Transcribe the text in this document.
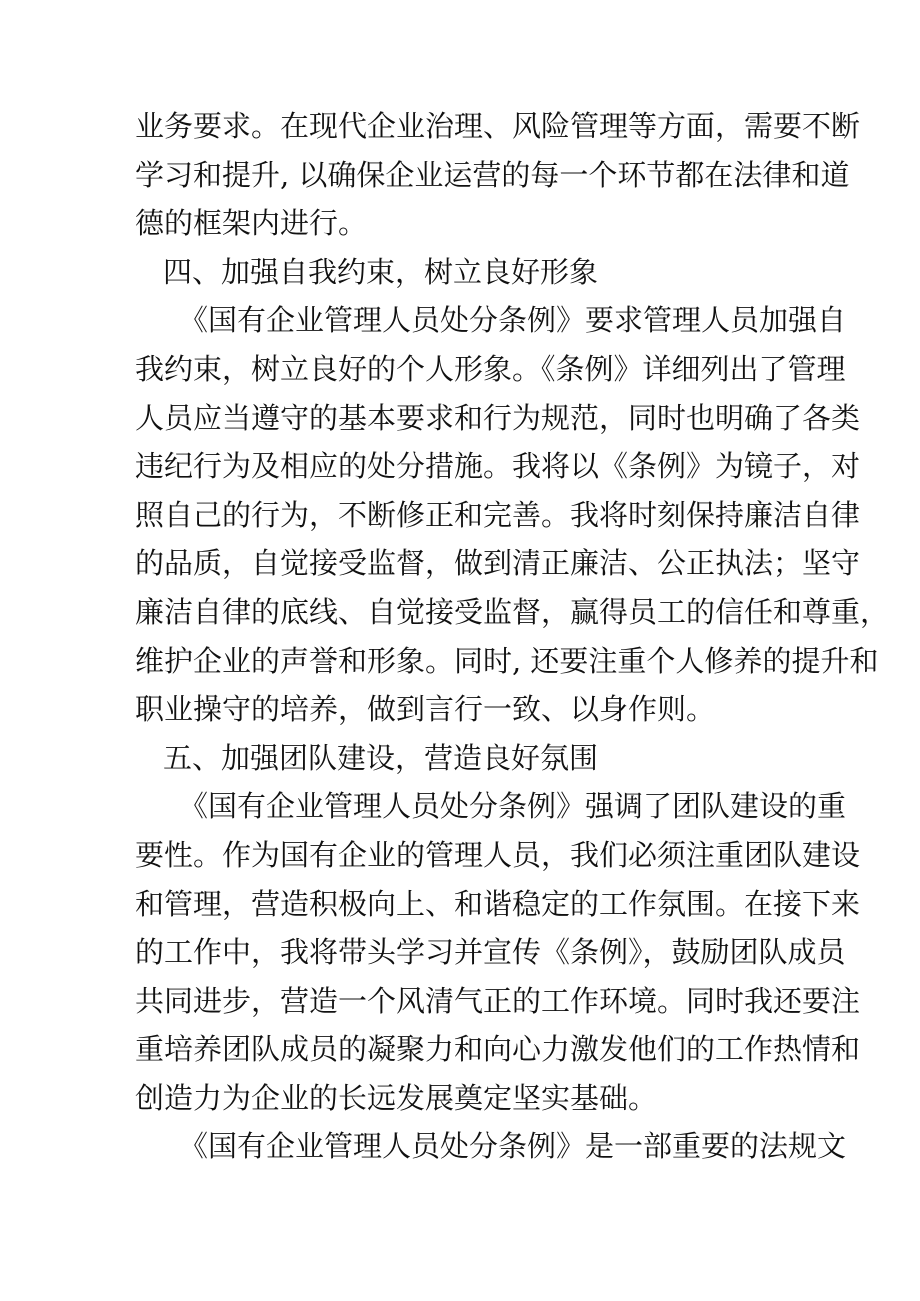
业务要求。在现代企业治理、风险管理等方面，需要不断
学习和提升, 以确保企业运营的每一个环节都在法律和道
德的框架内进行。
四、加强自我约束，树立良好形象
《国有企业管理人员处分条例》要求管理人员加强自
我约束，树立良好的个人形象。《条例》详细列出了管理
人员应当遵守的基本要求和行为规范，同时也明确了各类
违纪行为及相应的处分措施。我将以《条例》为镜子，对
照自己的行为，不断修正和完善。我将时刻保持廉洁自律
的品质，自觉接受监督，做到清正廉洁、公正执法；坚守
廉洁自律的底线、自觉接受监督，赢得员工的信任和尊重，
维护企业的声誉和形象。同时, 还要注重个人修养的提升和
职业操守的培养，做到言行一致、以身作则。
五、加强团队建设，营造良好氛围
《国有企业管理人员处分条例》强调了团队建设的重
要性。作为国有企业的管理人员，我们必须注重团队建设
和管理，营造积极向上、和谐稳定的工作氛围。在接下来
的工作中，我将带头学习并宣传《条例》，鼓励团队成员
共同进步，营造一个风清气正的工作环境。同时我还要注
重培养团队成员的凝聚力和向心力激发他们的工作热情和
创造力为企业的长远发展奠定坚实基础。
《国有企业管理人员处分条例》是一部重要的法规文
